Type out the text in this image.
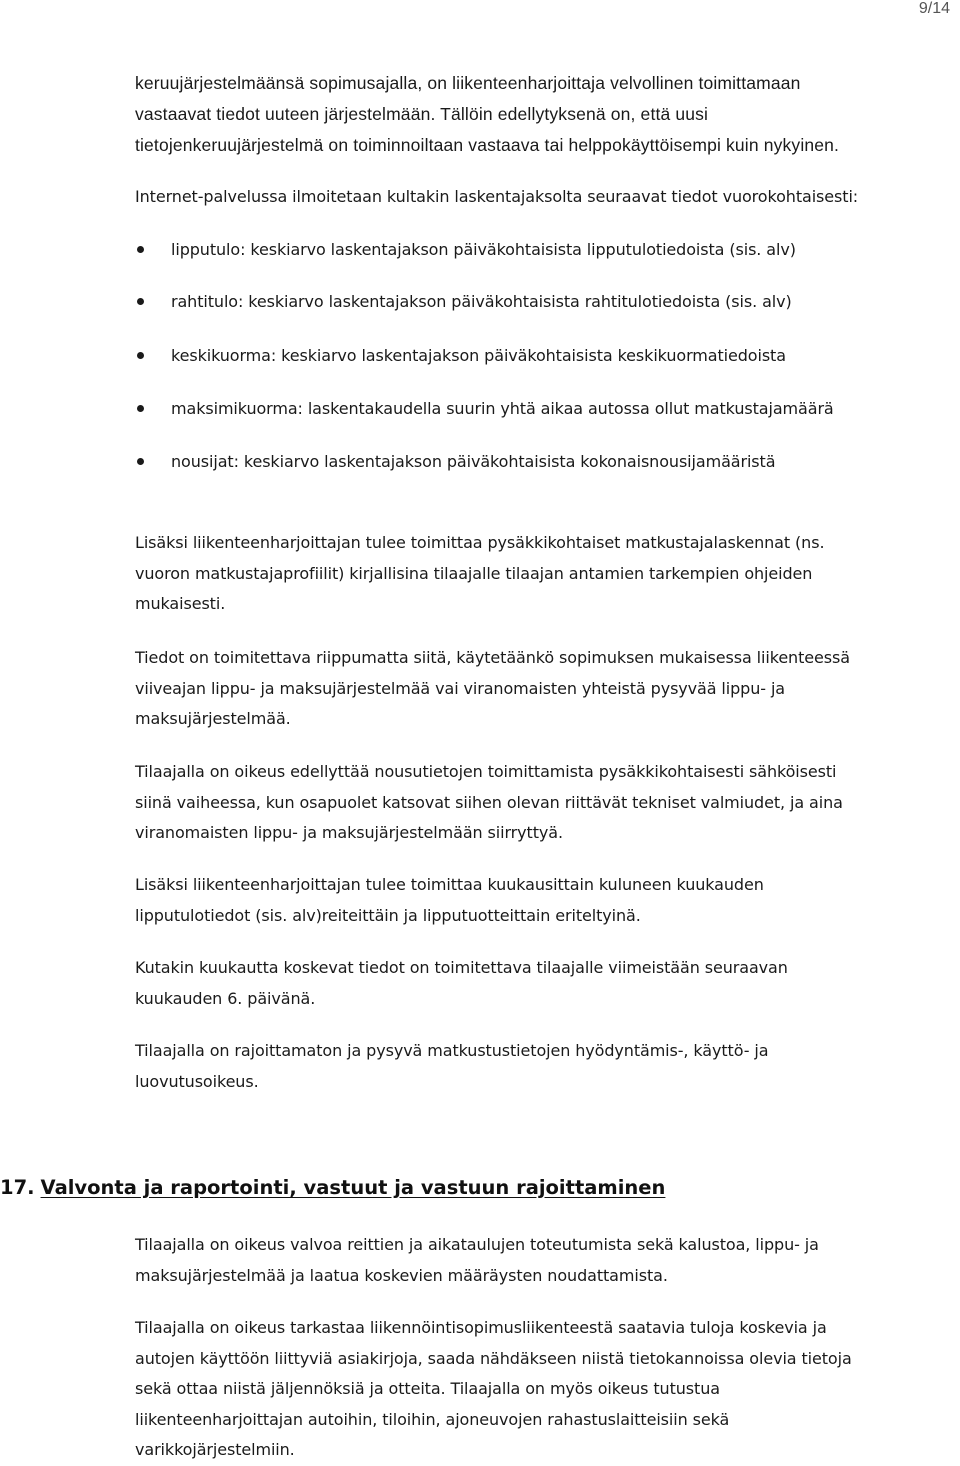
9/14
keruujärjestelmäänsä sopimusajalla, on liikenteenharjoittaja velvollinen toimittamaan
vastaavat tiedot uuteen järjestelmään. Tällöin edellytyksenä on, että uusi
tietojenkeruujärjestelmä on toiminnoiltaan vastaava tai helppokäyttöisempi kuin nykyinen.
Internet-palvelussa ilmoitetaan kultakin laskentajaksolta seuraavat tiedot vuorokohtaisesti:

lipputulo: keskiarvo laskentajakson päiväkohtaisista lipputulotiedoista (sis. alv)

rahtitulo: keskiarvo laskentajakson päiväkohtaisista rahtitulotiedoista (sis. alv)

keskikuorma: keskiarvo laskentajakson päiväkohtaisista keskikuormatiedoista

maksimikuorma: laskentakaudella suurin yhtä aikaa autossa ollut matkustajamäärä

nousijat: keskiarvo laskentajakson päiväkohtaisista kokonaisnousijamääristä

Lisäksi liikenteenharjoittajan tulee toimittaa pysäkkikohtaiset matkustajalaskennat (ns.
vuoron matkustajaprofiilit) kirjallisina tilaajalle tilaajan antamien tarkempien ohjeiden
mukaisesti.
Tiedot on toimitettava riippumatta siitä, käytetäänkö sopimuksen mukaisessa liikenteessä
viiveajan lippu- ja maksujärjestelmää vai viranomaisten yhteistä pysyvää lippu- ja
maksujärjestelmää.
Tilaajalla on oikeus edellyttää nousutietojen toimittamista pysäkkikohtaisesti sähköisesti
siinä vaiheessa, kun osapuolet katsovat siihen olevan riittävät tekniset valmiudet, ja aina
viranomaisten lippu- ja maksujärjestelmään siirryttyä.
Lisäksi liikenteenharjoittajan tulee toimittaa kuukausittain kuluneen kuukauden
lipputulotiedot (sis. alv)reiteittäin ja lipputuotteittain eriteltyinä.
Kutakin kuukautta koskevat tiedot on toimitettava tilaajalle viimeistään seuraavan
kuukauden 6. päivänä.
Tilaajalla on rajoittamaton ja pysyvä matkustustietojen hyödyntämis-, käyttö- ja
luovutusoikeus.
17. Valvonta ja raportointi, vastuut ja vastuun rajoittaminen
Tilaajalla on oikeus valvoa reittien ja aikataulujen toteutumista sekä kalustoa, lippu- ja
maksujärjestelmää ja laatua koskevien määräysten noudattamista.
Tilaajalla on oikeus tarkastaa liikennöintisopimusliikenteestä saatavia tuloja koskevia ja
autojen käyttöön liittyviä asiakirjoja, saada nähdäkseen niistä tietokannoissa olevia tietoja
sekä ottaa niistä jäljennöksiä ja otteita. Tilaajalla on myös oikeus tutustua
liikenteenharjoittajan autoihin, tiloihin, ajoneuvojen rahastuslaitteisiin sekä
varikkojärjestelmiin.
